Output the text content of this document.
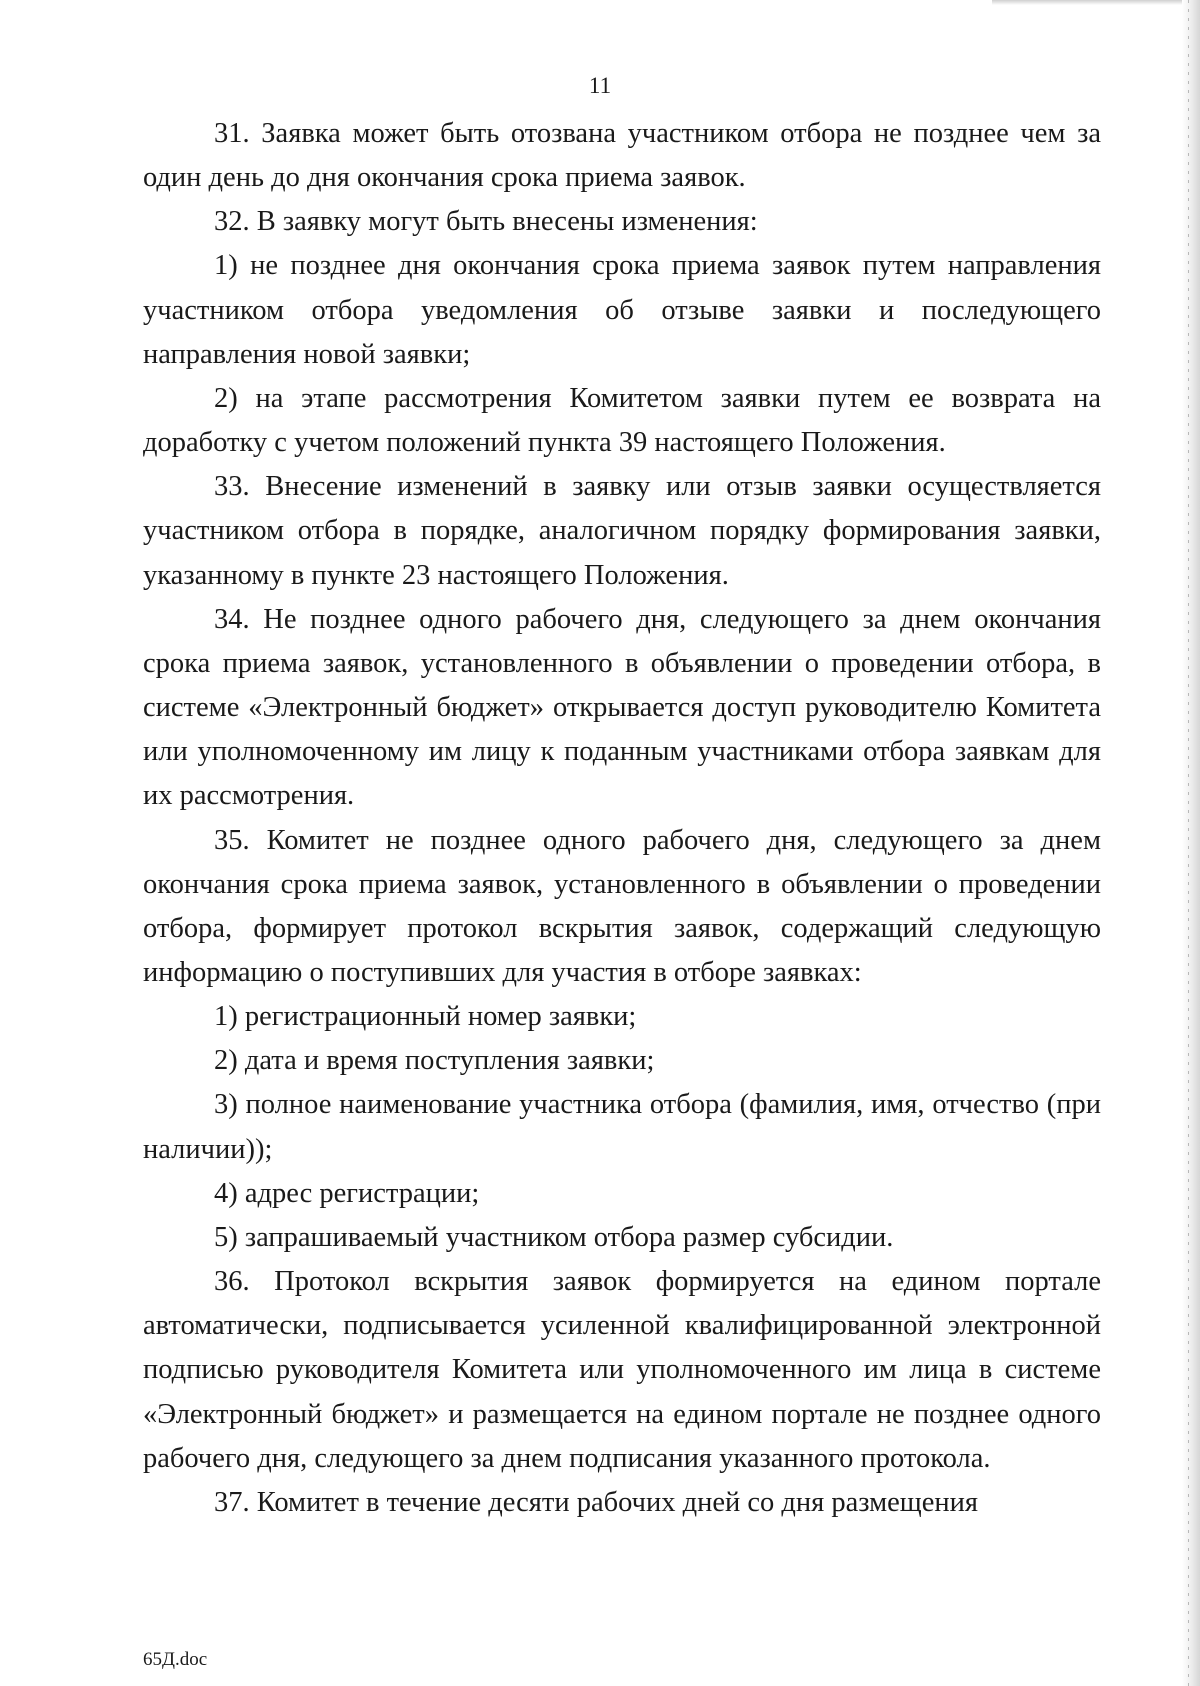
11

31. Заявка может быть отозвана участником отбора не позднее чем за один день до дня окончания срока приема заявок.

32. В заявку могут быть внесены изменения:

1) не позднее дня окончания срока приема заявок путем направления участником отбора уведомления об отзыве заявки и последующего направления новой заявки;

2) на этапе рассмотрения Комитетом заявки путем ее возврата на доработку с учетом положений пункта 39 настоящего Положения.

33. Внесение изменений в заявку или отзыв заявки осуществляется участником отбора в порядке, аналогичном порядку формирования заявки, указанному в пункте 23 настоящего Положения.

34. Не позднее одного рабочего дня, следующего за днем окончания срока приема заявок, установленного в объявлении о проведении отбора, в системе «Электронный бюджет» открывается доступ руководителю Комитета или уполномоченному им лицу к поданным участниками отбора заявкам для их рассмотрения.

35. Комитет не позднее одного рабочего дня, следующего за днем окончания срока приема заявок, установленного в объявлении о проведении отбора, формирует протокол вскрытия заявок, содержащий следующую информацию о поступивших для участия в отборе заявках:

1) регистрационный номер заявки;

2) дата и время поступления заявки;

3) полное наименование участника отбора (фамилия, имя, отчество (при наличии));

4) адрес регистрации;

5) запрашиваемый участником отбора размер субсидии.

36. Протокол вскрытия заявок формируется на едином портале автоматически, подписывается усиленной квалифицированной электронной подписью руководителя Комитета или уполномоченного им лица в системе «Электронный бюджет» и размещается на едином портале не позднее одного рабочего дня, следующего за днем подписания указанного протокола.

37. Комитет в течение десяти рабочих дней со дня размещения

65Д.doc
